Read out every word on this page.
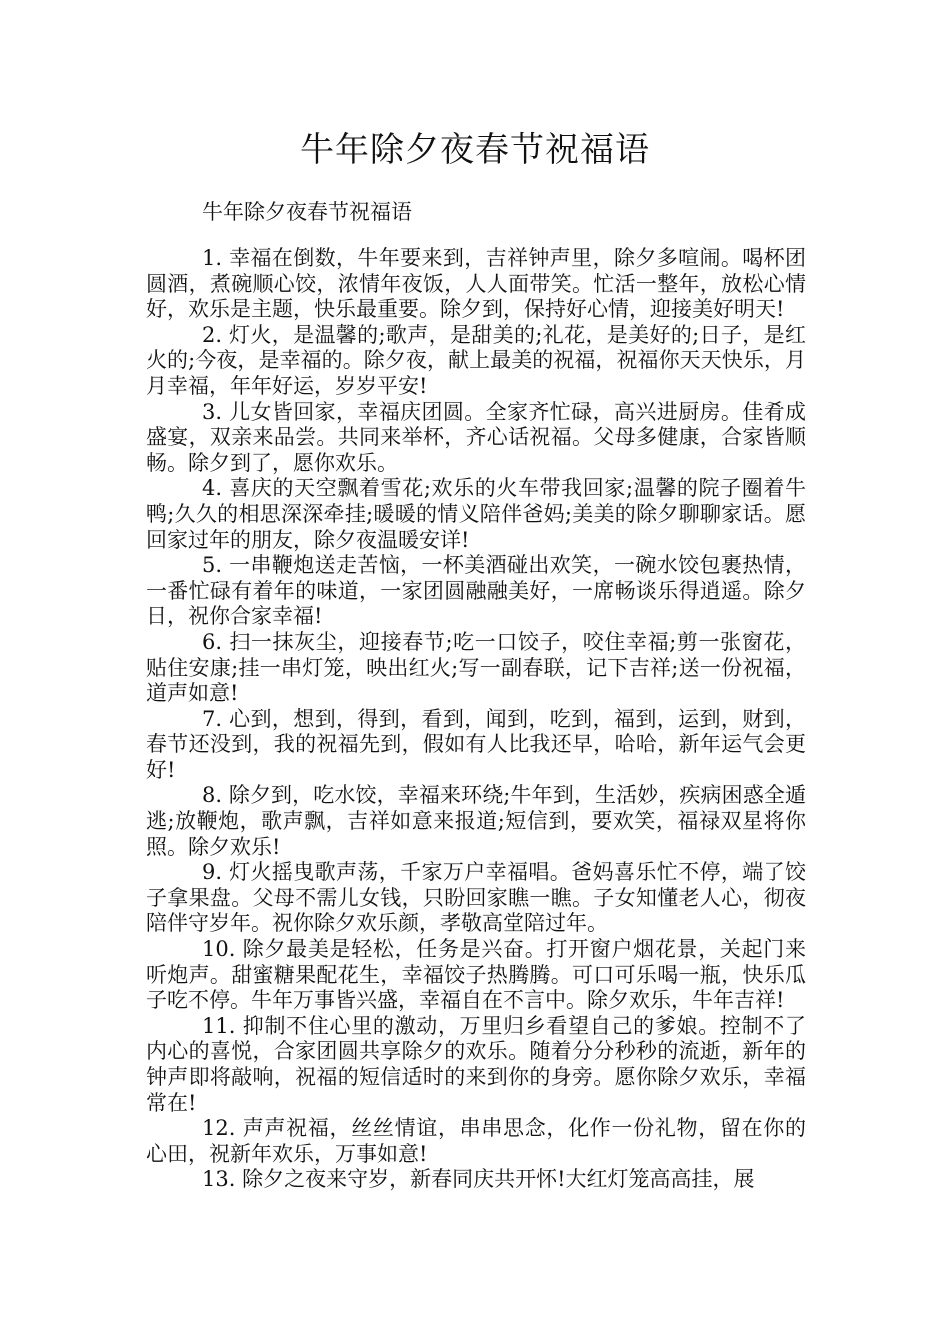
牛年除夕夜春节祝福语

牛年除夕夜春节祝福语

1. 幸福在倒数，牛年要来到，吉祥钟声里，除夕多喧闹。喝杯团圆酒，煮碗顺心饺，浓情年夜饭，人人面带笑。忙活一整年，放松心情好，欢乐是主题，快乐最重要。除夕到，保持好心情，迎接美好明天!

2. 灯火，是温馨的;歌声，是甜美的;礼花，是美好的;日子，是红火的;今夜，是幸福的。除夕夜，献上最美的祝福，祝福你天天快乐，月月幸福，年年好运，岁岁平安!

3. 儿女皆回家，幸福庆团圆。全家齐忙碌，高兴进厨房。佳肴成盛宴，双亲来品尝。共同来举杯，齐心话祝福。父母多健康，合家皆顺畅。除夕到了，愿你欢乐。

4. 喜庆的天空飘着雪花;欢乐的火车带我回家;温馨的院子圈着牛鸭;久久的相思深深牵挂;暖暖的情义陪伴爸妈;美美的除夕聊聊家话。愿回家过年的朋友，除夕夜温暖安详!

5. 一串鞭炮送走苦恼，一杯美酒碰出欢笑，一碗水饺包裹热情，一番忙碌有着年的味道，一家团圆融融美好，一席畅谈乐得逍遥。除夕日，祝你合家幸福!

6. 扫一抹灰尘，迎接春节;吃一口饺子，咬住幸福;剪一张窗花，贴住安康;挂一串灯笼，映出红火;写一副春联，记下吉祥;送一份祝福，道声如意!

7. 心到，想到，得到，看到，闻到，吃到，福到，运到，财到，春节还没到，我的祝福先到，假如有人比我还早，哈哈，新年运气会更好!

8. 除夕到，吃水饺，幸福来环绕;牛年到，生活妙，疾病困惑全遁逃;放鞭炮，歌声飘，吉祥如意来报道;短信到，要欢笑，福禄双星将你照。除夕欢乐!

9. 灯火摇曳歌声荡，千家万户幸福唱。爸妈喜乐忙不停，端了饺子拿果盘。父母不需儿女钱，只盼回家瞧一瞧。子女知懂老人心，彻夜陪伴守岁年。祝你除夕欢乐颜，孝敬高堂陪过年。

10. 除夕最美是轻松，任务是兴奋。打开窗户烟花景，关起门来听炮声。甜蜜糖果配花生，幸福饺子热腾腾。可口可乐喝一瓶，快乐瓜子吃不停。牛年万事皆兴盛，幸福自在不言中。除夕欢乐，牛年吉祥!

11. 抑制不住心里的激动，万里归乡看望自己的爹娘。控制不了内心的喜悦，合家团圆共享除夕的欢乐。随着分分秒秒的流逝，新年的钟声即将敲响，祝福的短信适时的来到你的身旁。愿你除夕欢乐，幸福常在!

12. 声声祝福，丝丝情谊，串串思念，化作一份礼物，留在你的心田，祝新年欢乐，万事如意!

13. 除夕之夜来守岁，新春同庆共开怀!大红灯笼高高挂，展
